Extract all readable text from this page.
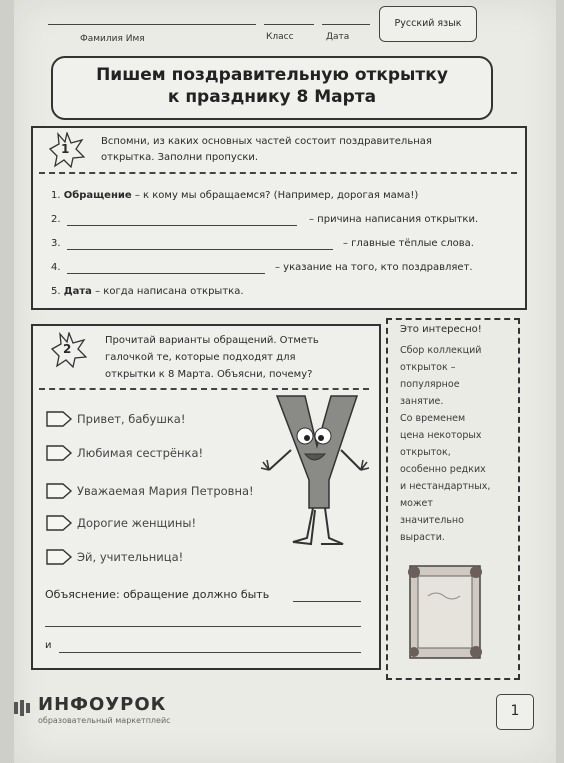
Фамилия Имя	Класс	Дата
Русский язык
Пишем поздравительную открытку
к празднику 8 Марта
1
Вспомни, из каких основных частей состоит поздравительная
открытка. Заполни пропуски.
1. Обращение – к кому мы обращаемся? (Например, дорогая мама!)
2.	– причина написания открытки.
3.	– главные тёплые слова.
4.	– указание на того, кто поздравляет.
5. Дата – когда написана открытка.
2
Прочитай варианты обращений. Отметь
галочкой те, которые подходят для
открытки к 8 Марта. Объясни, почему?
Привет, бабушка!
Любимая сестрёнка!
Уважаемая Мария Петровна!
Дорогие женщины!
Эй, учительница!
Объяснение: обращение должно быть
и
Это интересно!
Сбор коллекций
открыток –
популярное
занятие.
Со временем
цена некоторых
открыток,
особенно редких
и нестандартных,
может
значительно
вырасти.
ИНФОУРОК
образовательный маркетплейс
1
